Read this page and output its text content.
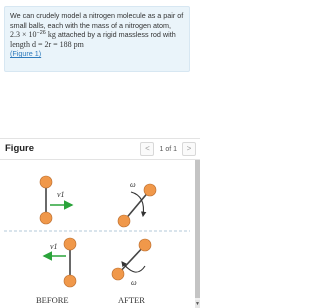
We can crudely model a nitrogen molecule as a pair of
small balls, each with the mass of a nitrogen atom,
$2.3 \times 10^{-26}$ kg attached by a rigid massless rod with
length d = 2r = 188 pm
(Figure 1)
Figure	<	1 of 1	>
v1
v1
ω
ω
BEFORE	AFTER	▼
